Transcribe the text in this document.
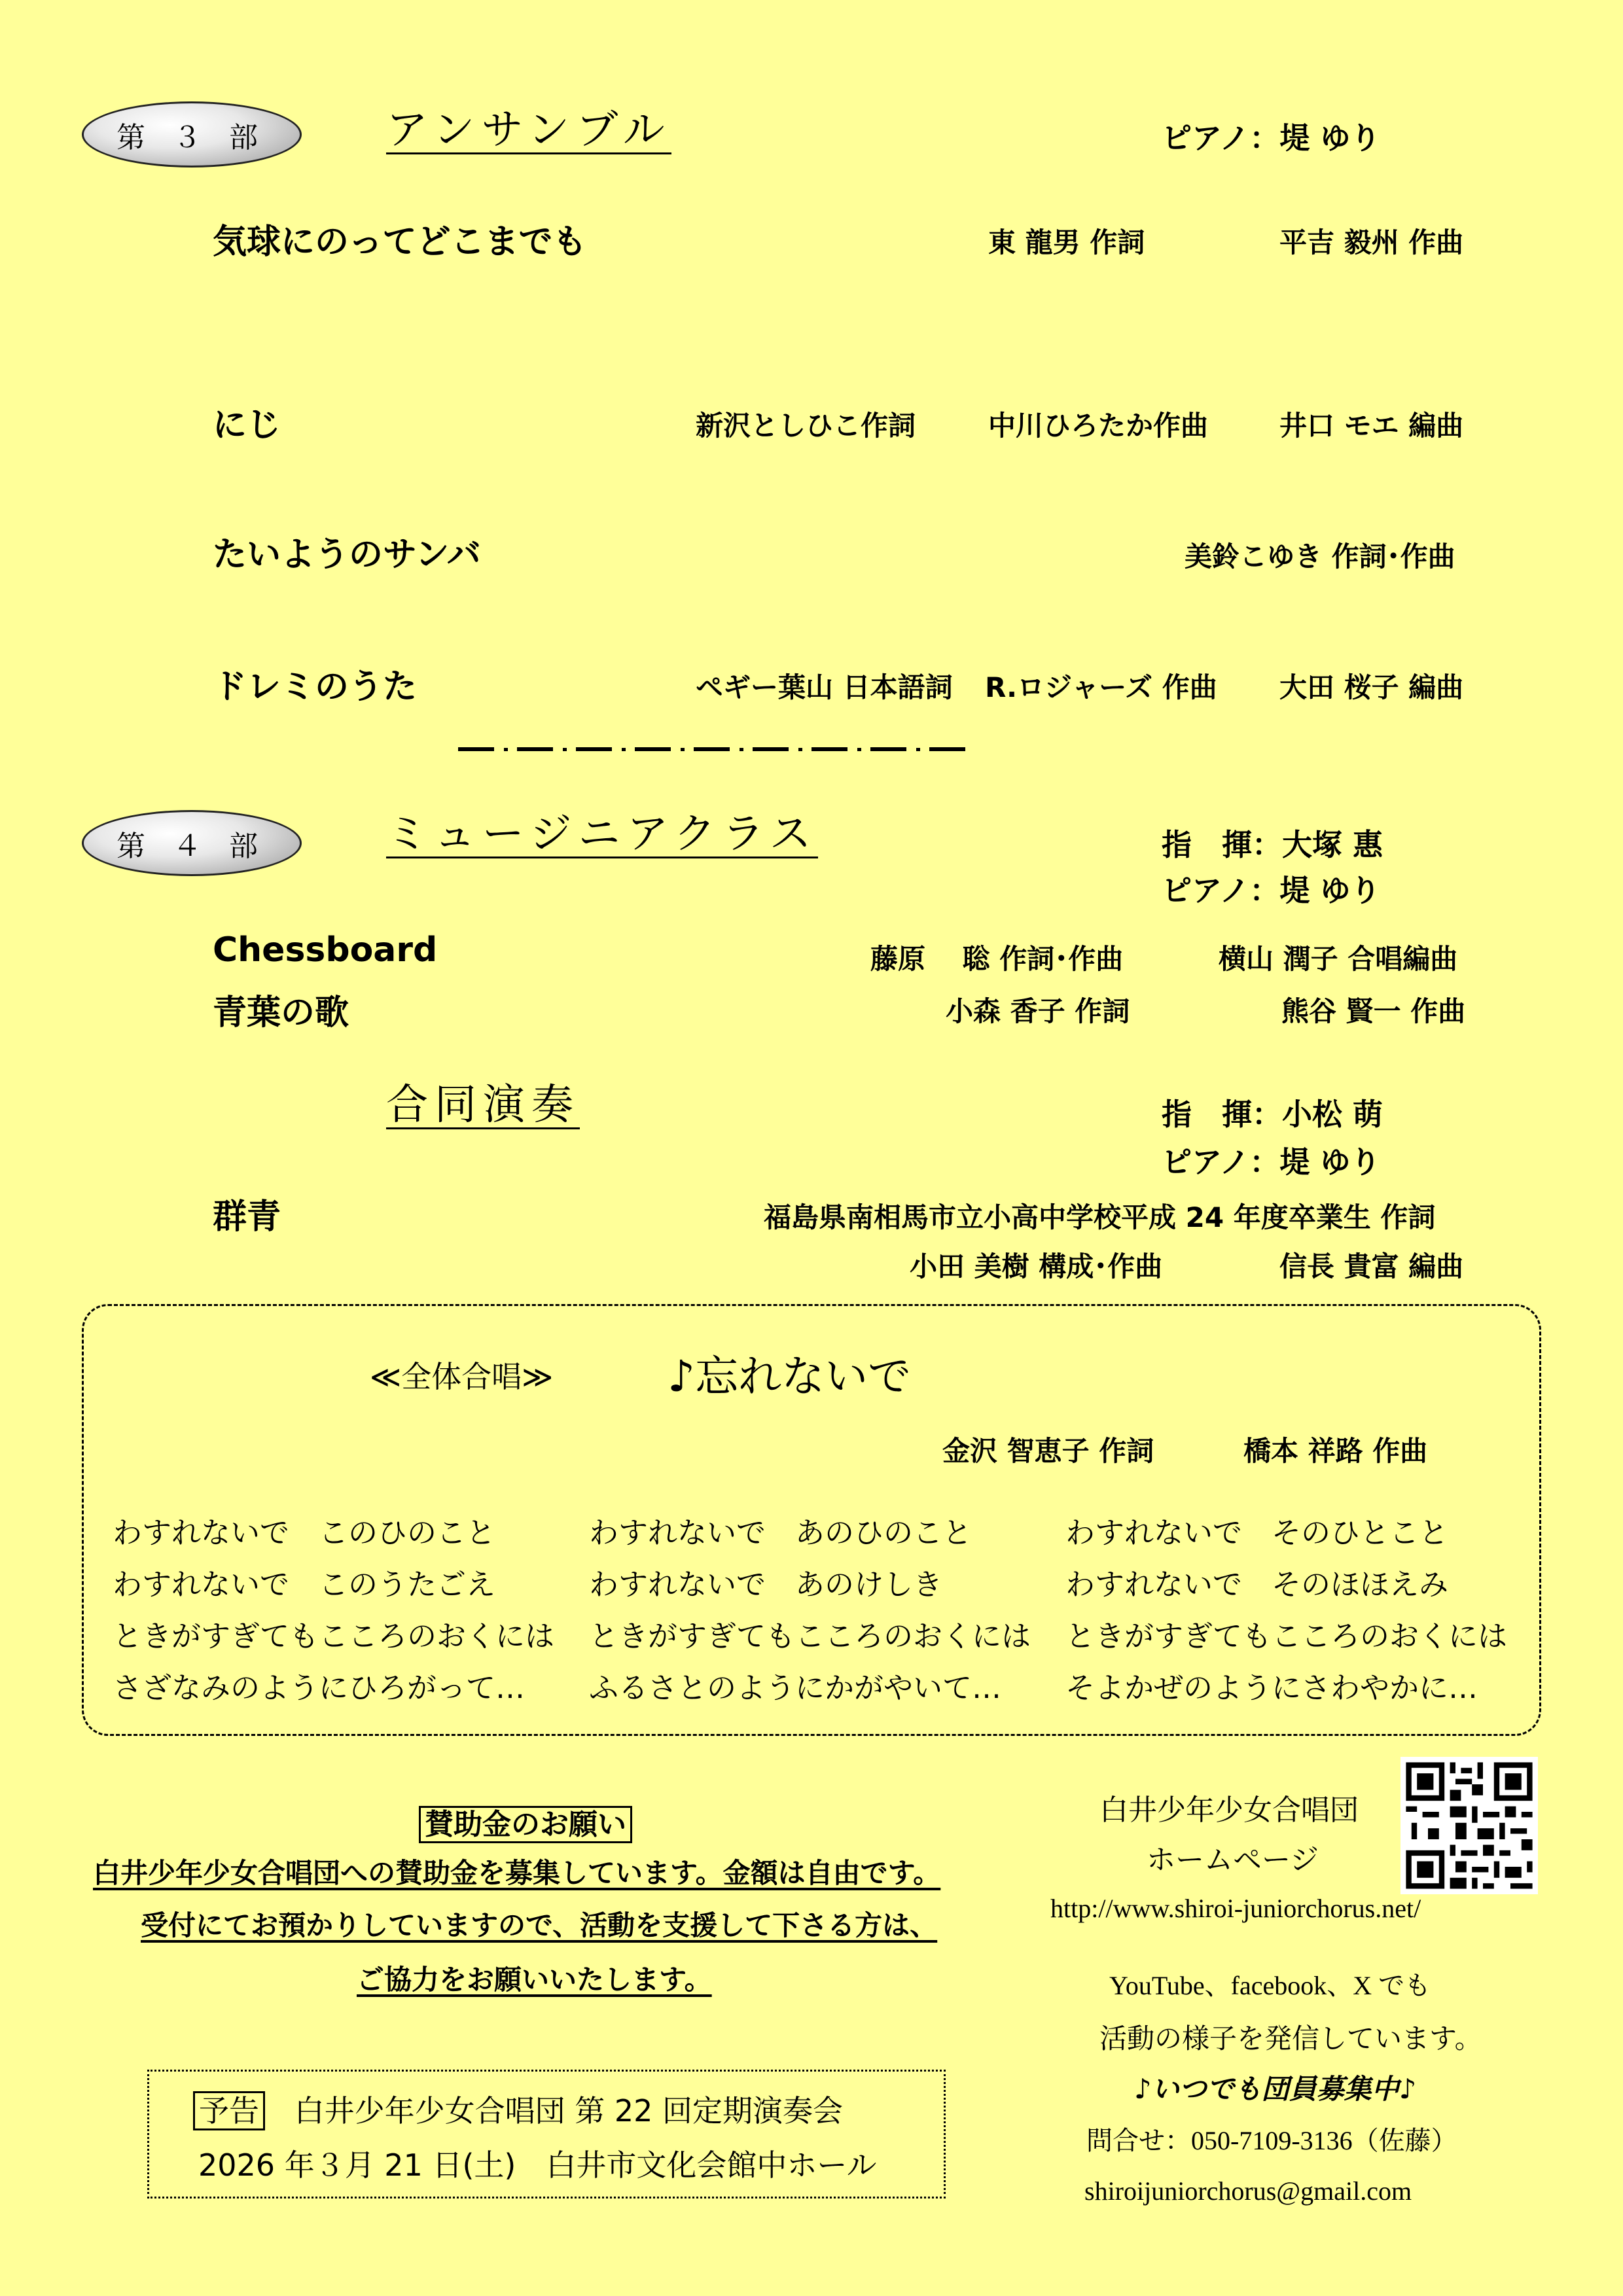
第 ３ 部	アンサンブル	ピアノ：堤 ゆり
気球にのってどこまでも	東 龍男 作詞	平吉 毅州 作曲
にじ	新沢としひこ作詞	中川ひろたか作曲	井口 モエ 編曲
たいようのサンバ	美鈴こゆき 作詞･作曲
ドレミのうた	ペギー葉山 日本語詞 R.ロジャーズ 作曲 大田 桜子 編曲
第 ４ 部	ミュージニアクラス	指　揮：大塚 惠
ピアノ：堤 ゆり
Chessboard	藤原　 聡 作詞･作曲	横山 潤子 合唱編曲
青葉の歌	小森 香子 作詞	熊谷 賢一 作曲
合同演奏	指　揮：小松 萌
ピアノ：堤 ゆり
群青	福島県南相馬市立小高中学校平成 24 年度卒業生 作詞
小田 美樹 構成･作曲	信長 貴富 編曲
≪全体合唱≫	♪忘れないで
金沢 智恵子 作詞	橋本 祥路 作曲
わすれないで　このひのこと
わすれないで　このうたごえ
ときがすぎてもこころのおくには
さざなみのようにひろがって…
わすれないで　あのひのこと
わすれないで　あのけしき
ときがすぎてもこころのおくには
ふるさとのようにかがやいて…
わすれないで　そのひとこと
わすれないで　そのほほえみ
ときがすぎてもこころのおくには
そよかぜのようにさわやかに…
賛助金のお願い
白井少年少女合唱団への賛助金を募集しています。金額は自由です。
受付にてお預かりしていますので、活動を支援して下さる方は、
ご協力をお願いいたします。
予告 白井少年少女合唱団 第 22 回定期演奏会
2026 年３月 21 日(土)　白井市文化会館中ホール
白井少年少女合唱団
ホームページ
http://www.shiroi-juniorchorus.net/
YouTube、facebook、X でも
活動の様子を発信しています。
♪いつでも団員募集中♪
問合せ：050-7109-3136（佐藤）
shiroijuniorchorus@gmail.com
